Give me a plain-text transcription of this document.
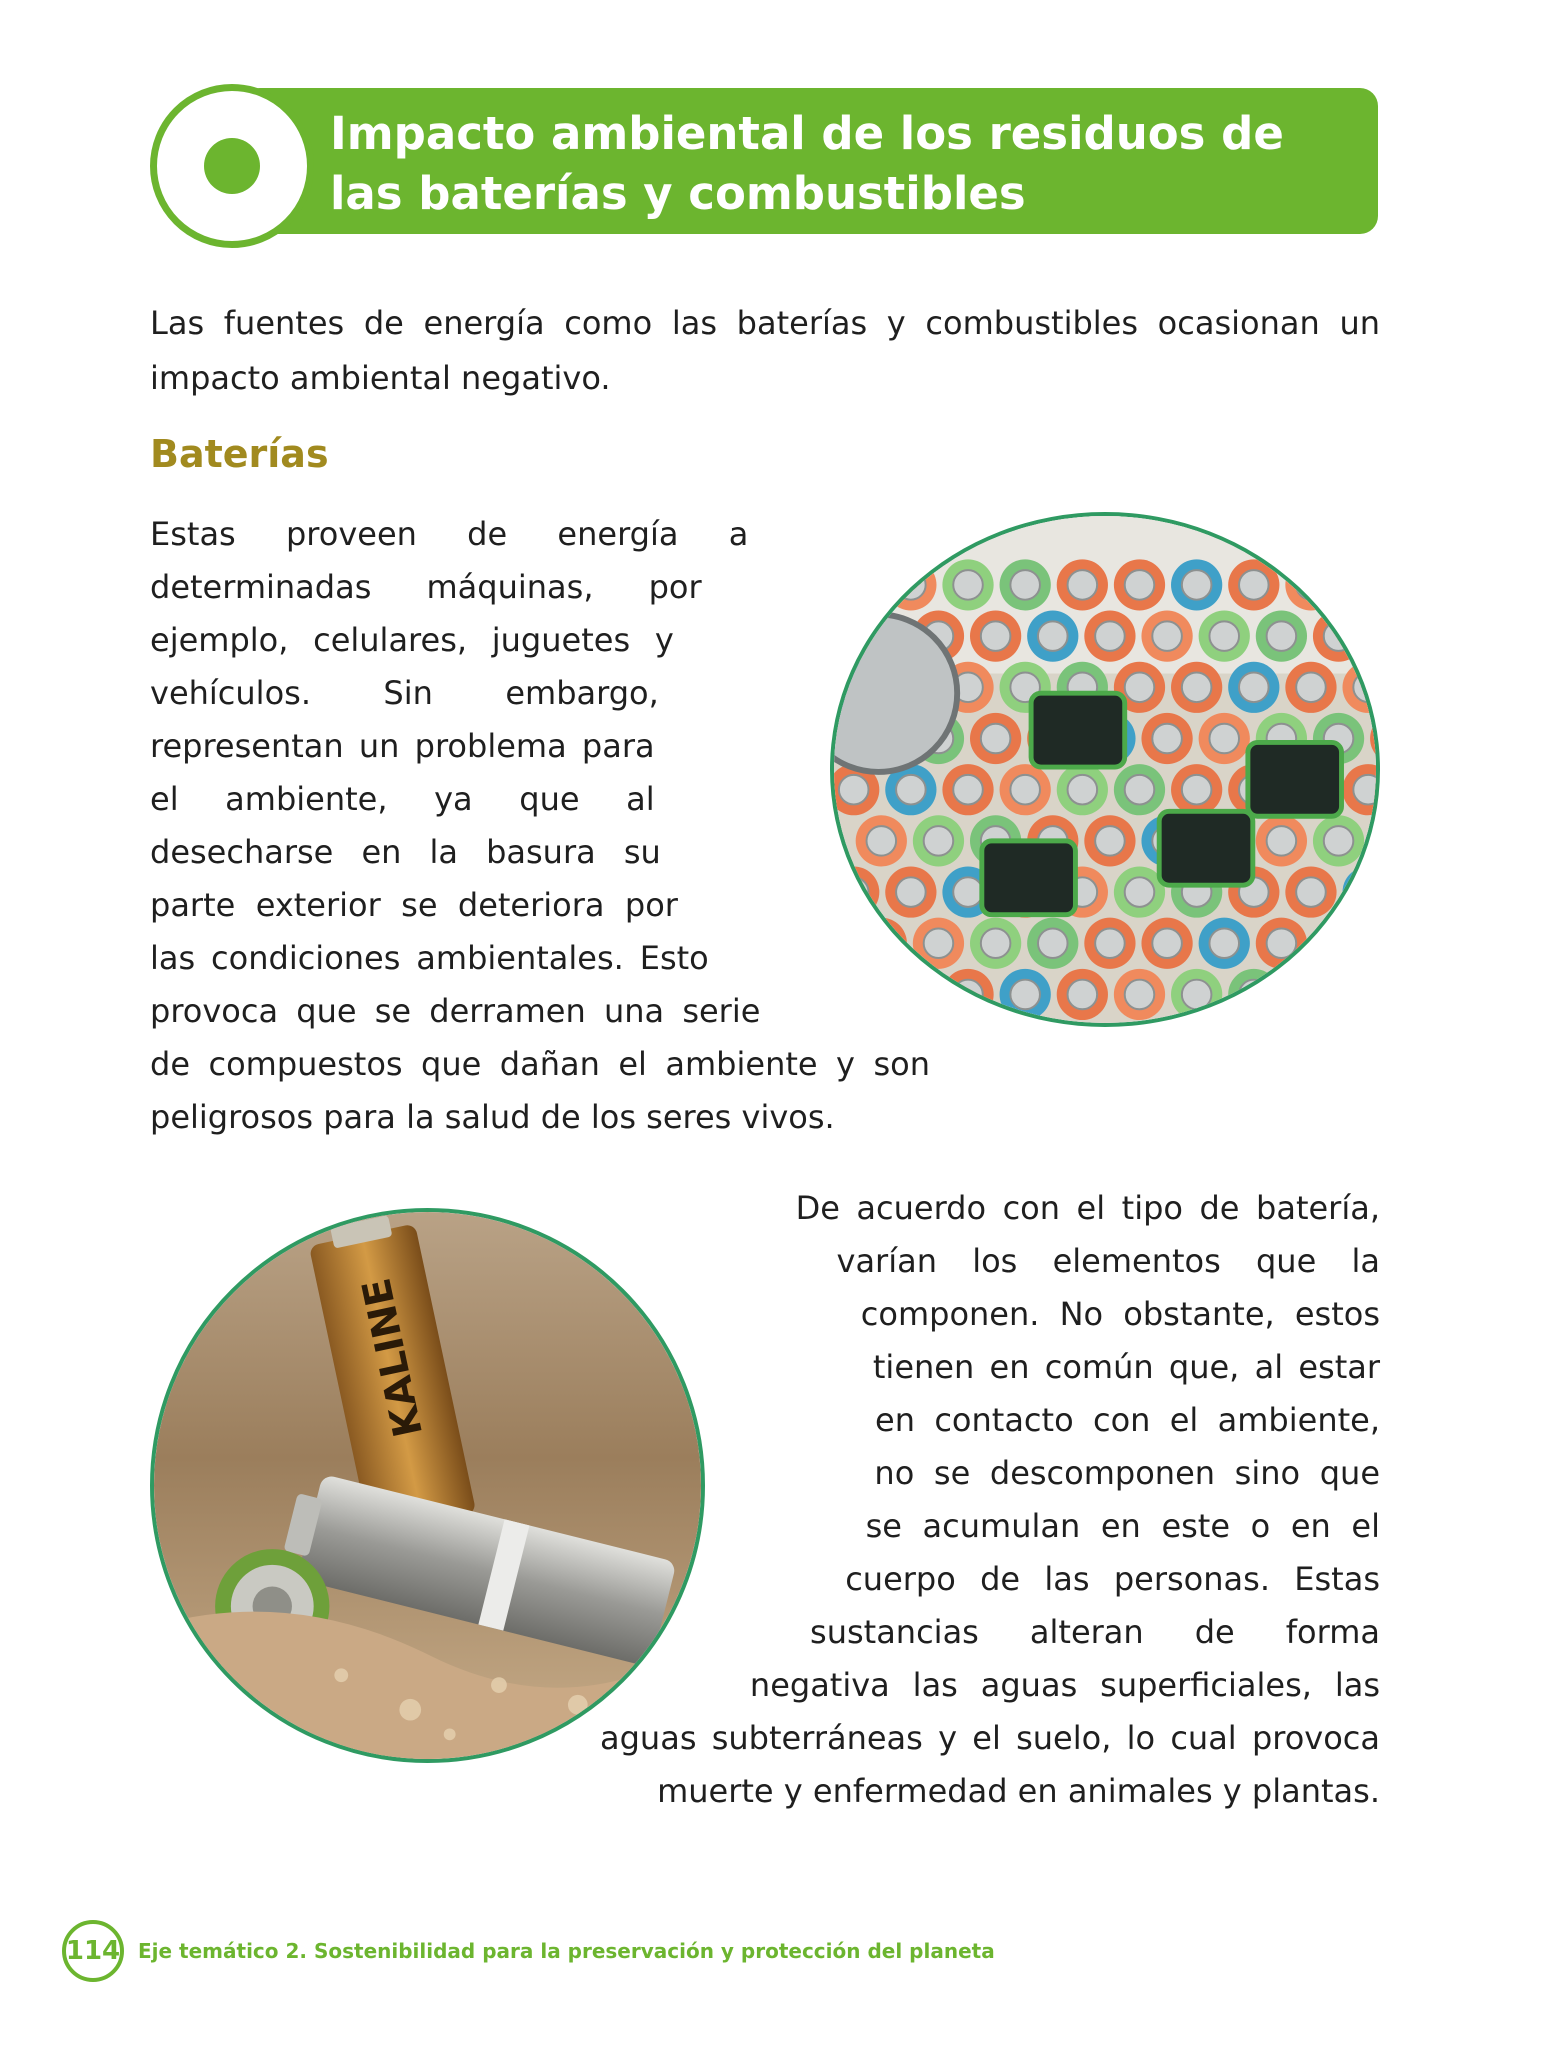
Impacto ambiental de los residuos de las baterías y combustibles

Las fuentes de energía como las baterías y combustibles ocasionan un impacto ambiental negativo.

Baterías

Estas proveen de energía a determinadas máquinas, por ejemplo, celulares, juguetes y vehículos. Sin embargo, representan un problema para el ambiente, ya que al desecharse en la basura su parte exterior se deteriora por las condiciones ambientales. Esto provoca que se derramen una serie de compuestos que dañan el ambiente y son peligrosos para la salud de los seres vivos.

De acuerdo con el tipo de batería, varían los elementos que la componen. No obstante, estos tienen en común que, al estar en contacto con el ambiente, no se descomponen sino que se acumulan en este o en el cuerpo de las personas. Estas sustancias alteran de forma negativa las aguas superficiales, las aguas subterráneas y el suelo, lo cual provoca muerte y enfermedad en animales y plantas.

KALINE
114 Eje temático 2. Sostenibilidad para la preservación y protección del planeta
